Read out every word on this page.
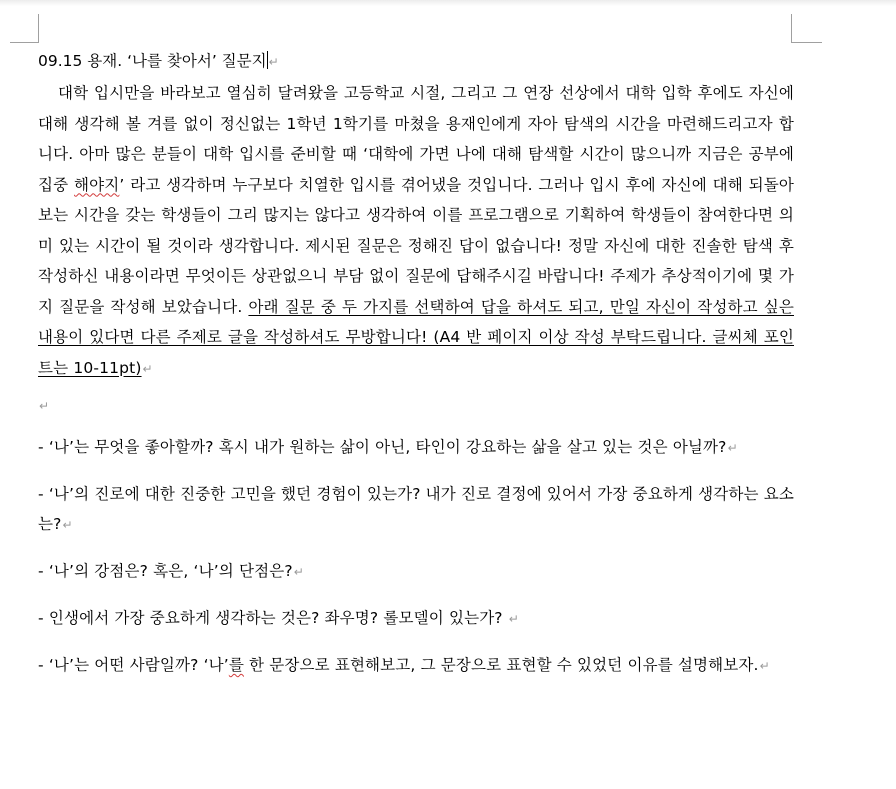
09.15 용재. ‘나를 찾아서’ 질문지 ↵
대학 입시만을 바라보고 열심히 달려왔을 고등학교 시절, 그리고 그 연장 선상에서 대학 입학 후에도 자신에 대해 생각해 볼 겨를 없이 정신없는 1학년 1학기를 마쳤을 용재인에게 자아 탐색의 시간을 마련해드리고자 합니다. 아마 많은 분들이 대학 입시를 준비할 때 ‘대학에 가면 나에 대해 탐색할 시간이 많으니까 지금은 공부에 집중 해야지’ 라고 생각하며 누구보다 치열한 입시를 겪어냈을 것입니다. 그러나 입시 후에 자신에 대해 되돌아보는 시간을 갖는 학생들이 그리 많지는 않다고 생각하여 이를 프로그램으로 기획하여 학생들이 참여한다면 의미 있는 시간이 될 것이라 생각합니다. 제시된 질문은 정해진 답이 없습니다! 정말 자신에 대한 진솔한 탐색 후 작성하신 내용이라면 무엇이든 상관없으니 부담 없이 질문에 답해주시길 바랍니다! 주제가 추상적이기에 몇 가지 질문을 작성해 보았습니다. 아래 질문 중 두 가지를 선택하여 답을 하셔도 되고, 만일 자신이 작성하고 싶은 내용이 있다면 다른 주제로 글을 작성하셔도 무방합니다! (A4 반 페이지 이상 작성 부탁드립니다. 글씨체 포인트는 10-11pt)↵
↵
- ‘나’는 무엇을 좋아할까? 혹시 내가 원하는 삶이 아닌, 타인이 강요하는 삶을 살고 있는 것은 아닐까?↵
- ‘나’의 진로에 대한 진중한 고민을 했던 경험이 있는가? 내가 진로 결정에 있어서 가장 중요하게 생각하는 요소는?↵
- ‘나’의 강점은? 혹은, ‘나’의 단점은?↵
- 인생에서 가장 중요하게 생각하는 것은? 좌우명? 롤모델이 있는가? ↵
- ‘나’는 어떤 사람일까? ‘나’를 한 문장으로 표현해보고, 그 문장으로 표현할 수 있었던 이유를 설명해보자.↵
